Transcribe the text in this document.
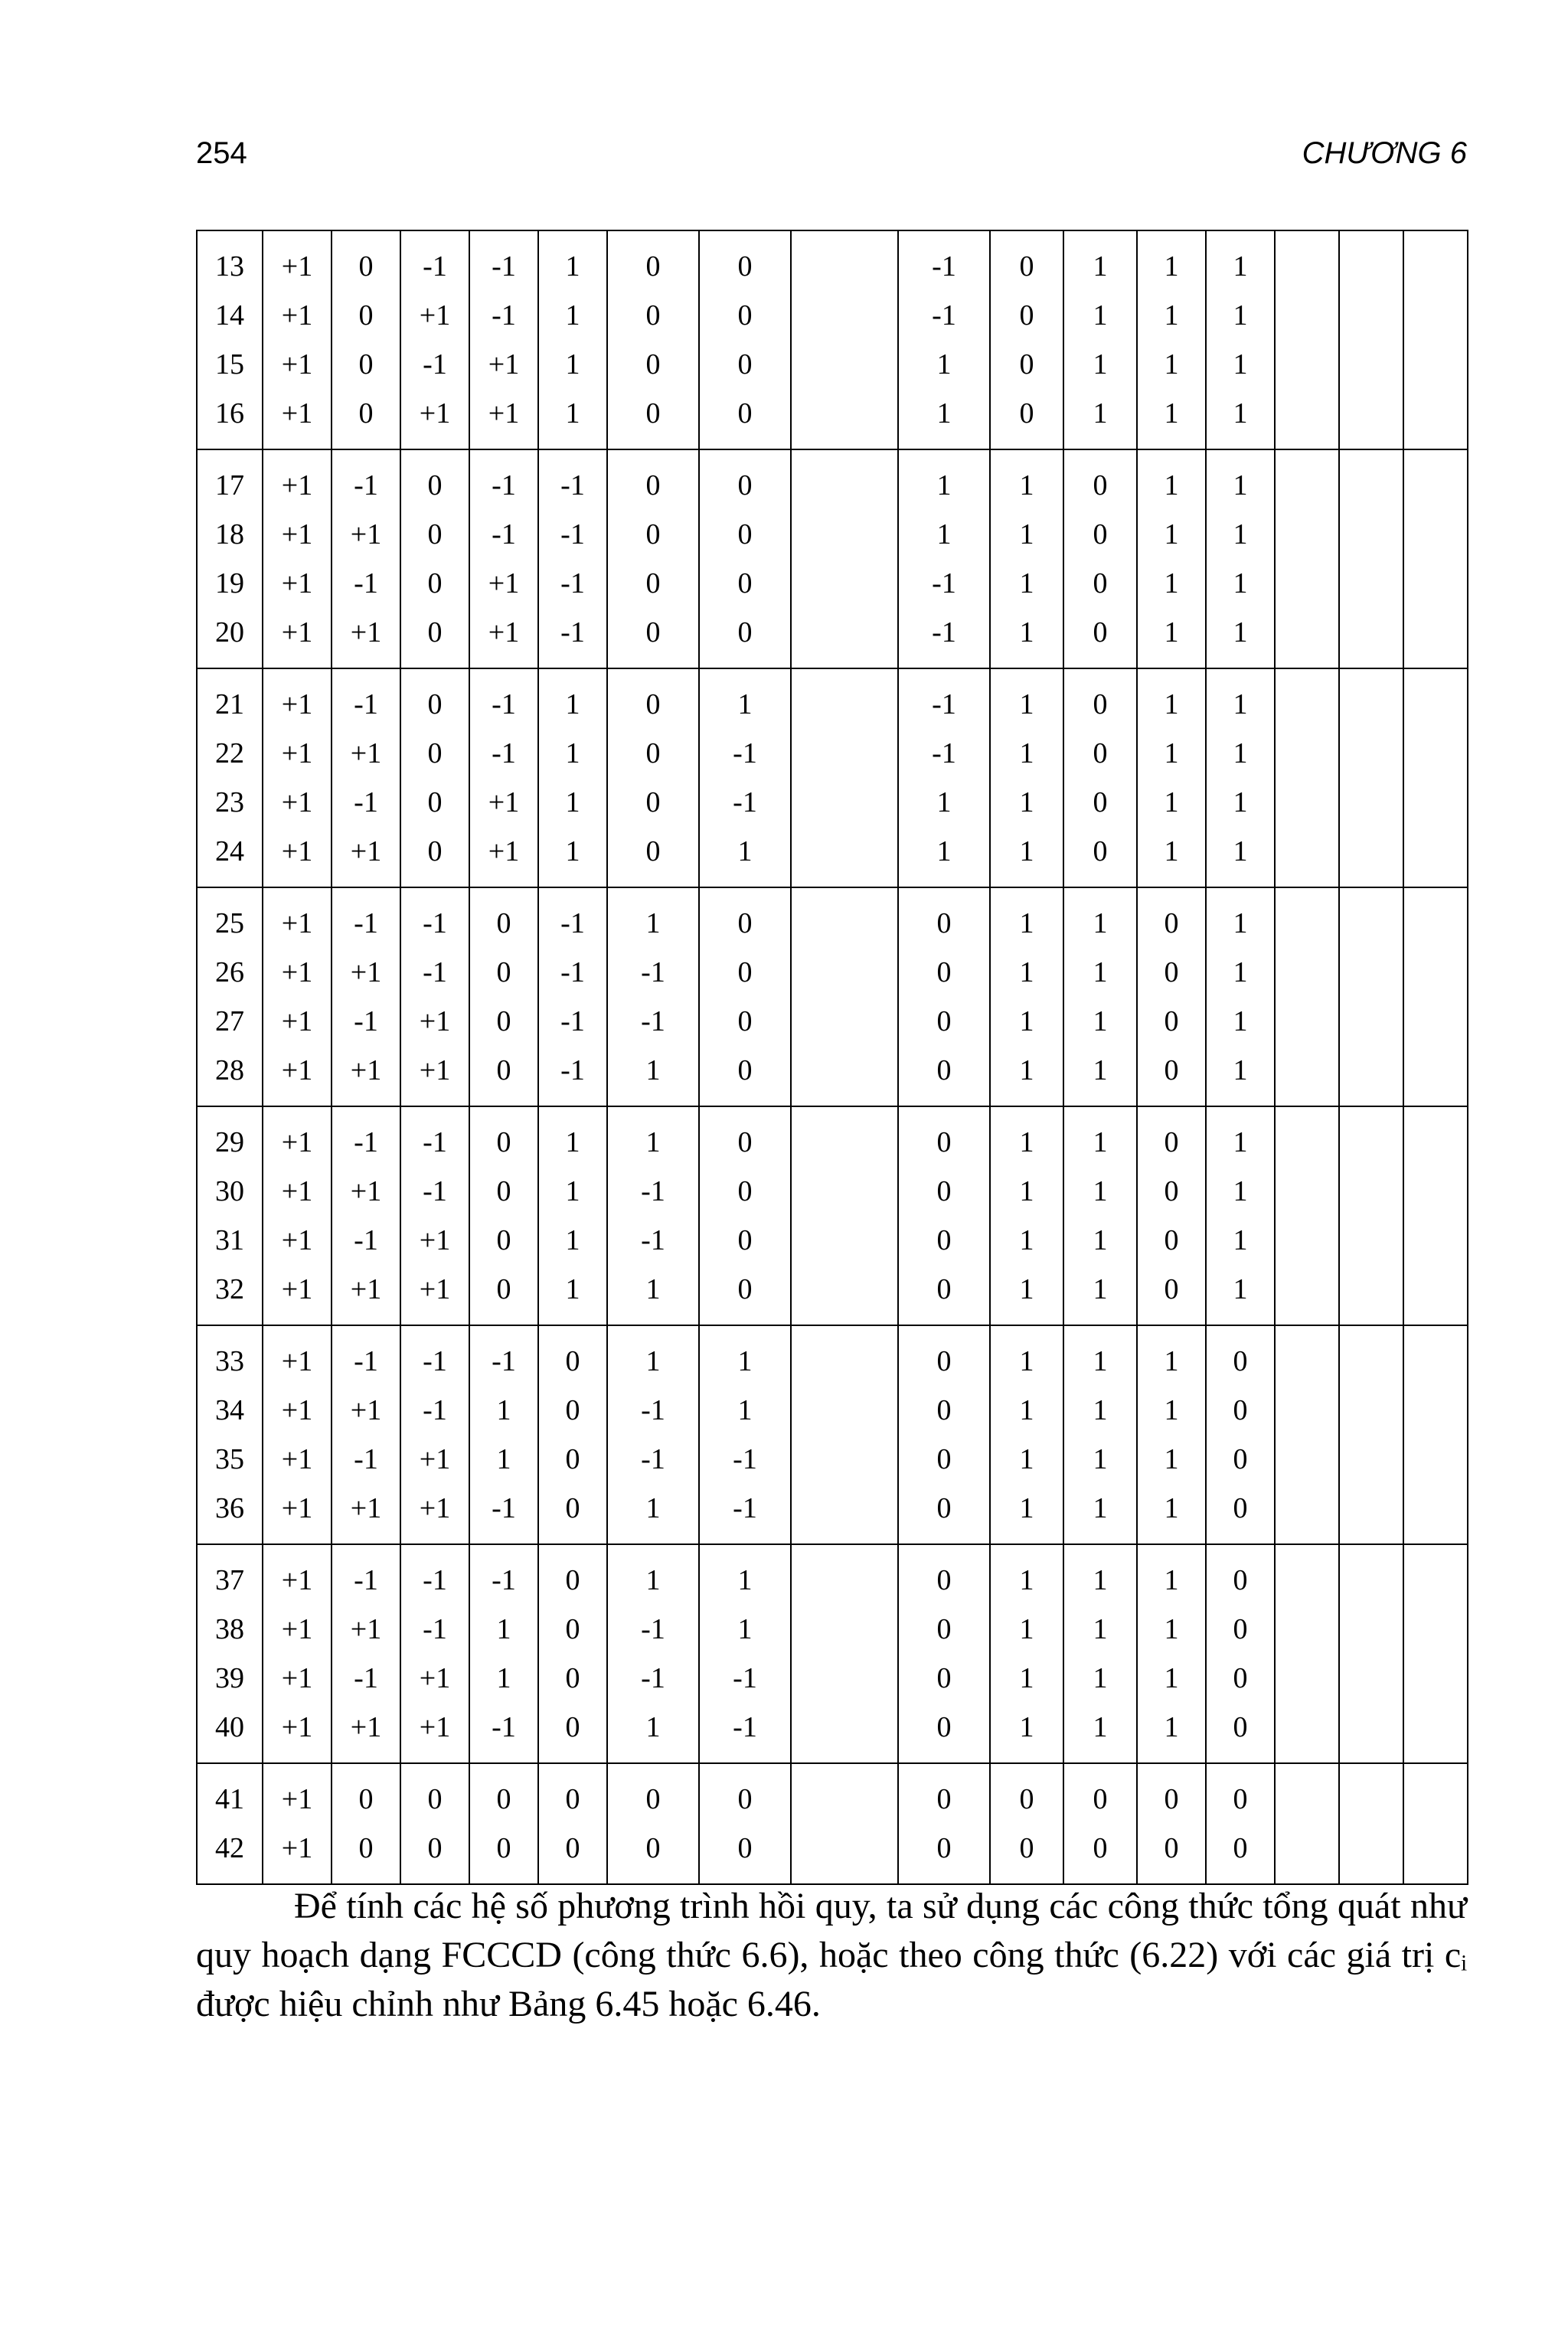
254	CHƯƠNG 6
13	+1	0	-1	-1	1	0	0		-1	0	1	1	1			
14	+1	0	+1	-1	1	0	0		-1	0	1	1	1			
15	+1	0	-1	+1	1	0	0		1	0	1	1	1			
16	+1	0	+1	+1	1	0	0		1	0	1	1	1			
17	+1	-1	0	-1	-1	0	0		1	1	0	1	1			
18	+1	+1	0	-1	-1	0	0		1	1	0	1	1			
19	+1	-1	0	+1	-1	0	0		-1	1	0	1	1			
20	+1	+1	0	+1	-1	0	0		-1	1	0	1	1			
21	+1	-1	0	-1	1	0	1		-1	1	0	1	1			
22	+1	+1	0	-1	1	0	-1		-1	1	0	1	1			
23	+1	-1	0	+1	1	0	-1		1	1	0	1	1			
24	+1	+1	0	+1	1	0	1		1	1	0	1	1			
25	+1	-1	-1	0	-1	1	0		0	1	1	0	1			
26	+1	+1	-1	0	-1	-1	0		0	1	1	0	1			
27	+1	-1	+1	0	-1	-1	0		0	1	1	0	1			
28	+1	+1	+1	0	-1	1	0		0	1	1	0	1			
29	+1	-1	-1	0	1	1	0		0	1	1	0	1			
30	+1	+1	-1	0	1	-1	0		0	1	1	0	1			
31	+1	-1	+1	0	1	-1	0		0	1	1	0	1			
32	+1	+1	+1	0	1	1	0		0	1	1	0	1			
33	+1	-1	-1	-1	0	1	1		0	1	1	1	0			
34	+1	+1	-1	1	0	-1	1		0	1	1	1	0			
35	+1	-1	+1	1	0	-1	-1		0	1	1	1	0			
36	+1	+1	+1	-1	0	1	-1		0	1	1	1	0			
37	+1	-1	-1	-1	0	1	1		0	1	1	1	0			
38	+1	+1	-1	1	0	-1	1		0	1	1	1	0			
39	+1	-1	+1	1	0	-1	-1		0	1	1	1	0			
40	+1	+1	+1	-1	0	1	-1		0	1	1	1	0			
41	+1	0	0	0	0	0	0		0	0	0	0	0			
42	+1	0	0	0	0	0	0		0	0	0	0	0			

Để tính các hệ số phương trình hồi quy, ta sử dụng các công thức tổng quát như quy hoạch dạng FCCCD (công thức 6.6), hoặc theo công thức (6.22) với các giá trị cᵢ được hiệu chỉnh như Bảng 6.45 hoặc 6.46.
